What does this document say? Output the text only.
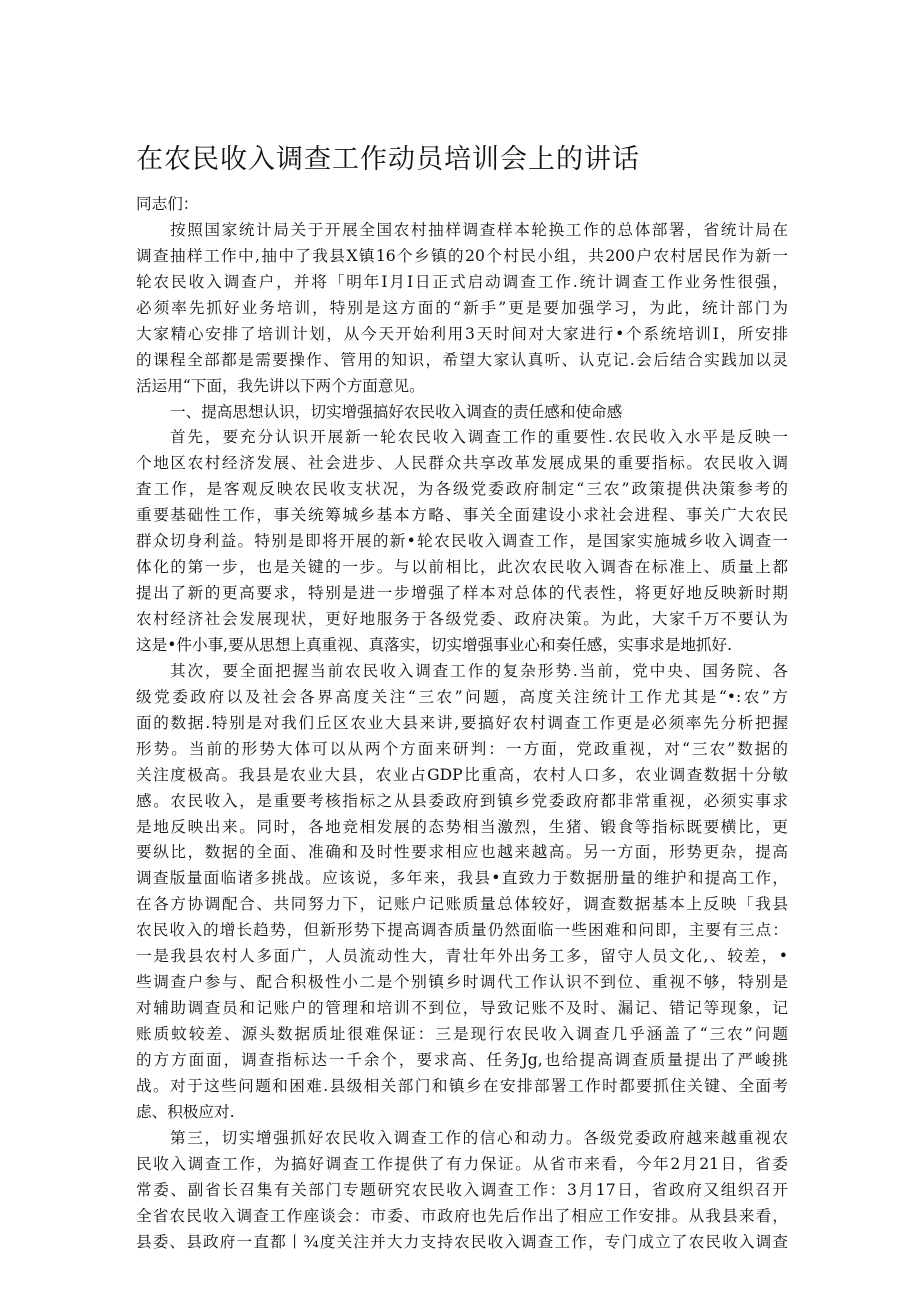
在农民收入调查工作动员培训会上的讲话
同志们：
按照国家统计局关于开展全国农村抽样调查样本轮换工作的总体部署，省统计局在
调查抽样工作中,抽中了我县X镇16个乡镇的20个村民小组，共200户农村居民作为新一
轮农民收入调查户，并将「明年I月I日正式启动调查工作.统计调查工作业务性很强，
必须率先抓好业务培训，特别是这方面的“新手”更是要加强学习，为此，统计部门为
大家精心安排了培训计划，从今天开始利用3天时间对大家进行•个系统培训I，所安排
的课程全部都是需要操作、管用的知识，希望大家认真听、认克记.会后结合实践加以灵
活运用“下面，我先讲以下两个方面意见。
一、提高思想认识，切实增强搞好农民收入调查的责任感和使命感
首先，要充分认识开展新一轮农民收入调查工作的重要性.农民收入水平是反映一
个地区农村经济发展、社会进步、人民群众共享改革发展成果的重要指标。农民收入调
査工作，是客观反映农民收支状况，为各级党委政府制定“三农”政策提供决策参考的
重要基础性工作，事关统筹城乡基本方略、事关全面建设小求社会进程、事关广大农民
群众切身利益。特别是即将开展的新•轮农民收入调查工作，是国家实施城乡收入调查一
体化的第一步，也是关键的一步。与以前相比，此次农民收入调杳在标准上、质量上都
提出了新的更高要求，特别是进一步增强了样本对总体的代表性，将更好地反映新时期
农村经济社会发展现状，更好地服务于各级党委、政府决策。为此，大家千万不要认为
这是•件小事,要从思想上真重视、真落实，切实增强事业心和奏任感，实事求是地抓好.
其次，要全面把握当前农民收入调査工作的复杂形势.当前，党中央、国务院、各
级党委政府以及社会各界高度关注“三农”问题，高度关注统计工作尤其是“•:农”方
面的数据.特别是对我们丘区农业大县来讲,要搞好农村调查工作更是必须率先分析把握
形势。当前的形势大体可以从两个方面来研判：一方面，党政重视，对“三农”数据的
关注度极高。我县是农业大县，农业占GDP比重高，农村人口多，农业调查数据十分敏
感。农民收入，是重要考核指标之从县委政府到镇乡党委政府都非常重视，必须实事求
是地反映出来。同时，各地竞相发展的态势相当激烈，生猪、锻食等指标既要横比，更
要纵比，数据的全面、准确和及时性要求相应也越来越高。另一方面，形势更杂，提高
调查版量面临诸多挑战。应该说，多年来，我县•直致力于数据册量的维护和提高工作，
在各方协调配合、共同努力下，记账户记账质量总体较好，调查数据基本上反映「我县
农民收入的增长趋势，但新形势下提高调杳质量仍然面临一些困难和问即，主要有三点：
一是我县农村人多面广，人员流动性大，青壮年外出务工多，留守人员文化,、较差，•
些调查户参与、配合积极性小二是个别镇乡时调代工作认识不到位、重视不够，特别是
对辅助调查员和记账户的管理和培训不到位，导致记账不及时、漏记、错记等现象，记
账质蚊较差、源头数据质址很难保证：三是现行农民收入调查几乎涵盖了“三农”问题
的方方面面，调查指标达一千余个，要求高、任务Jg,也给提高调查质量提出了严峻挑
战。对于这些问题和困难.县级相关部门和镇乡在安排部署工作时都要抓住关键、全面考
虑、积极应对.
第三，切实增强抓好农民收入调查工作的信心和动力。各级党委政府越来越重视农
民收入调查工作，为搞好调查工作提供了有力保证。从省市来看，今年2月21日，省委
常委、副省长召集有关部门专题研究农民收入调查工作：3月17日，省政府又组织召开
全省农民收入调查工作座谈会：市委、市政府也先后作出了相应工作安排。从我县来看，
县委、县政府一直都丨¾度关注并大力支持农民收入调查工作，专门成立了农民收入调查
